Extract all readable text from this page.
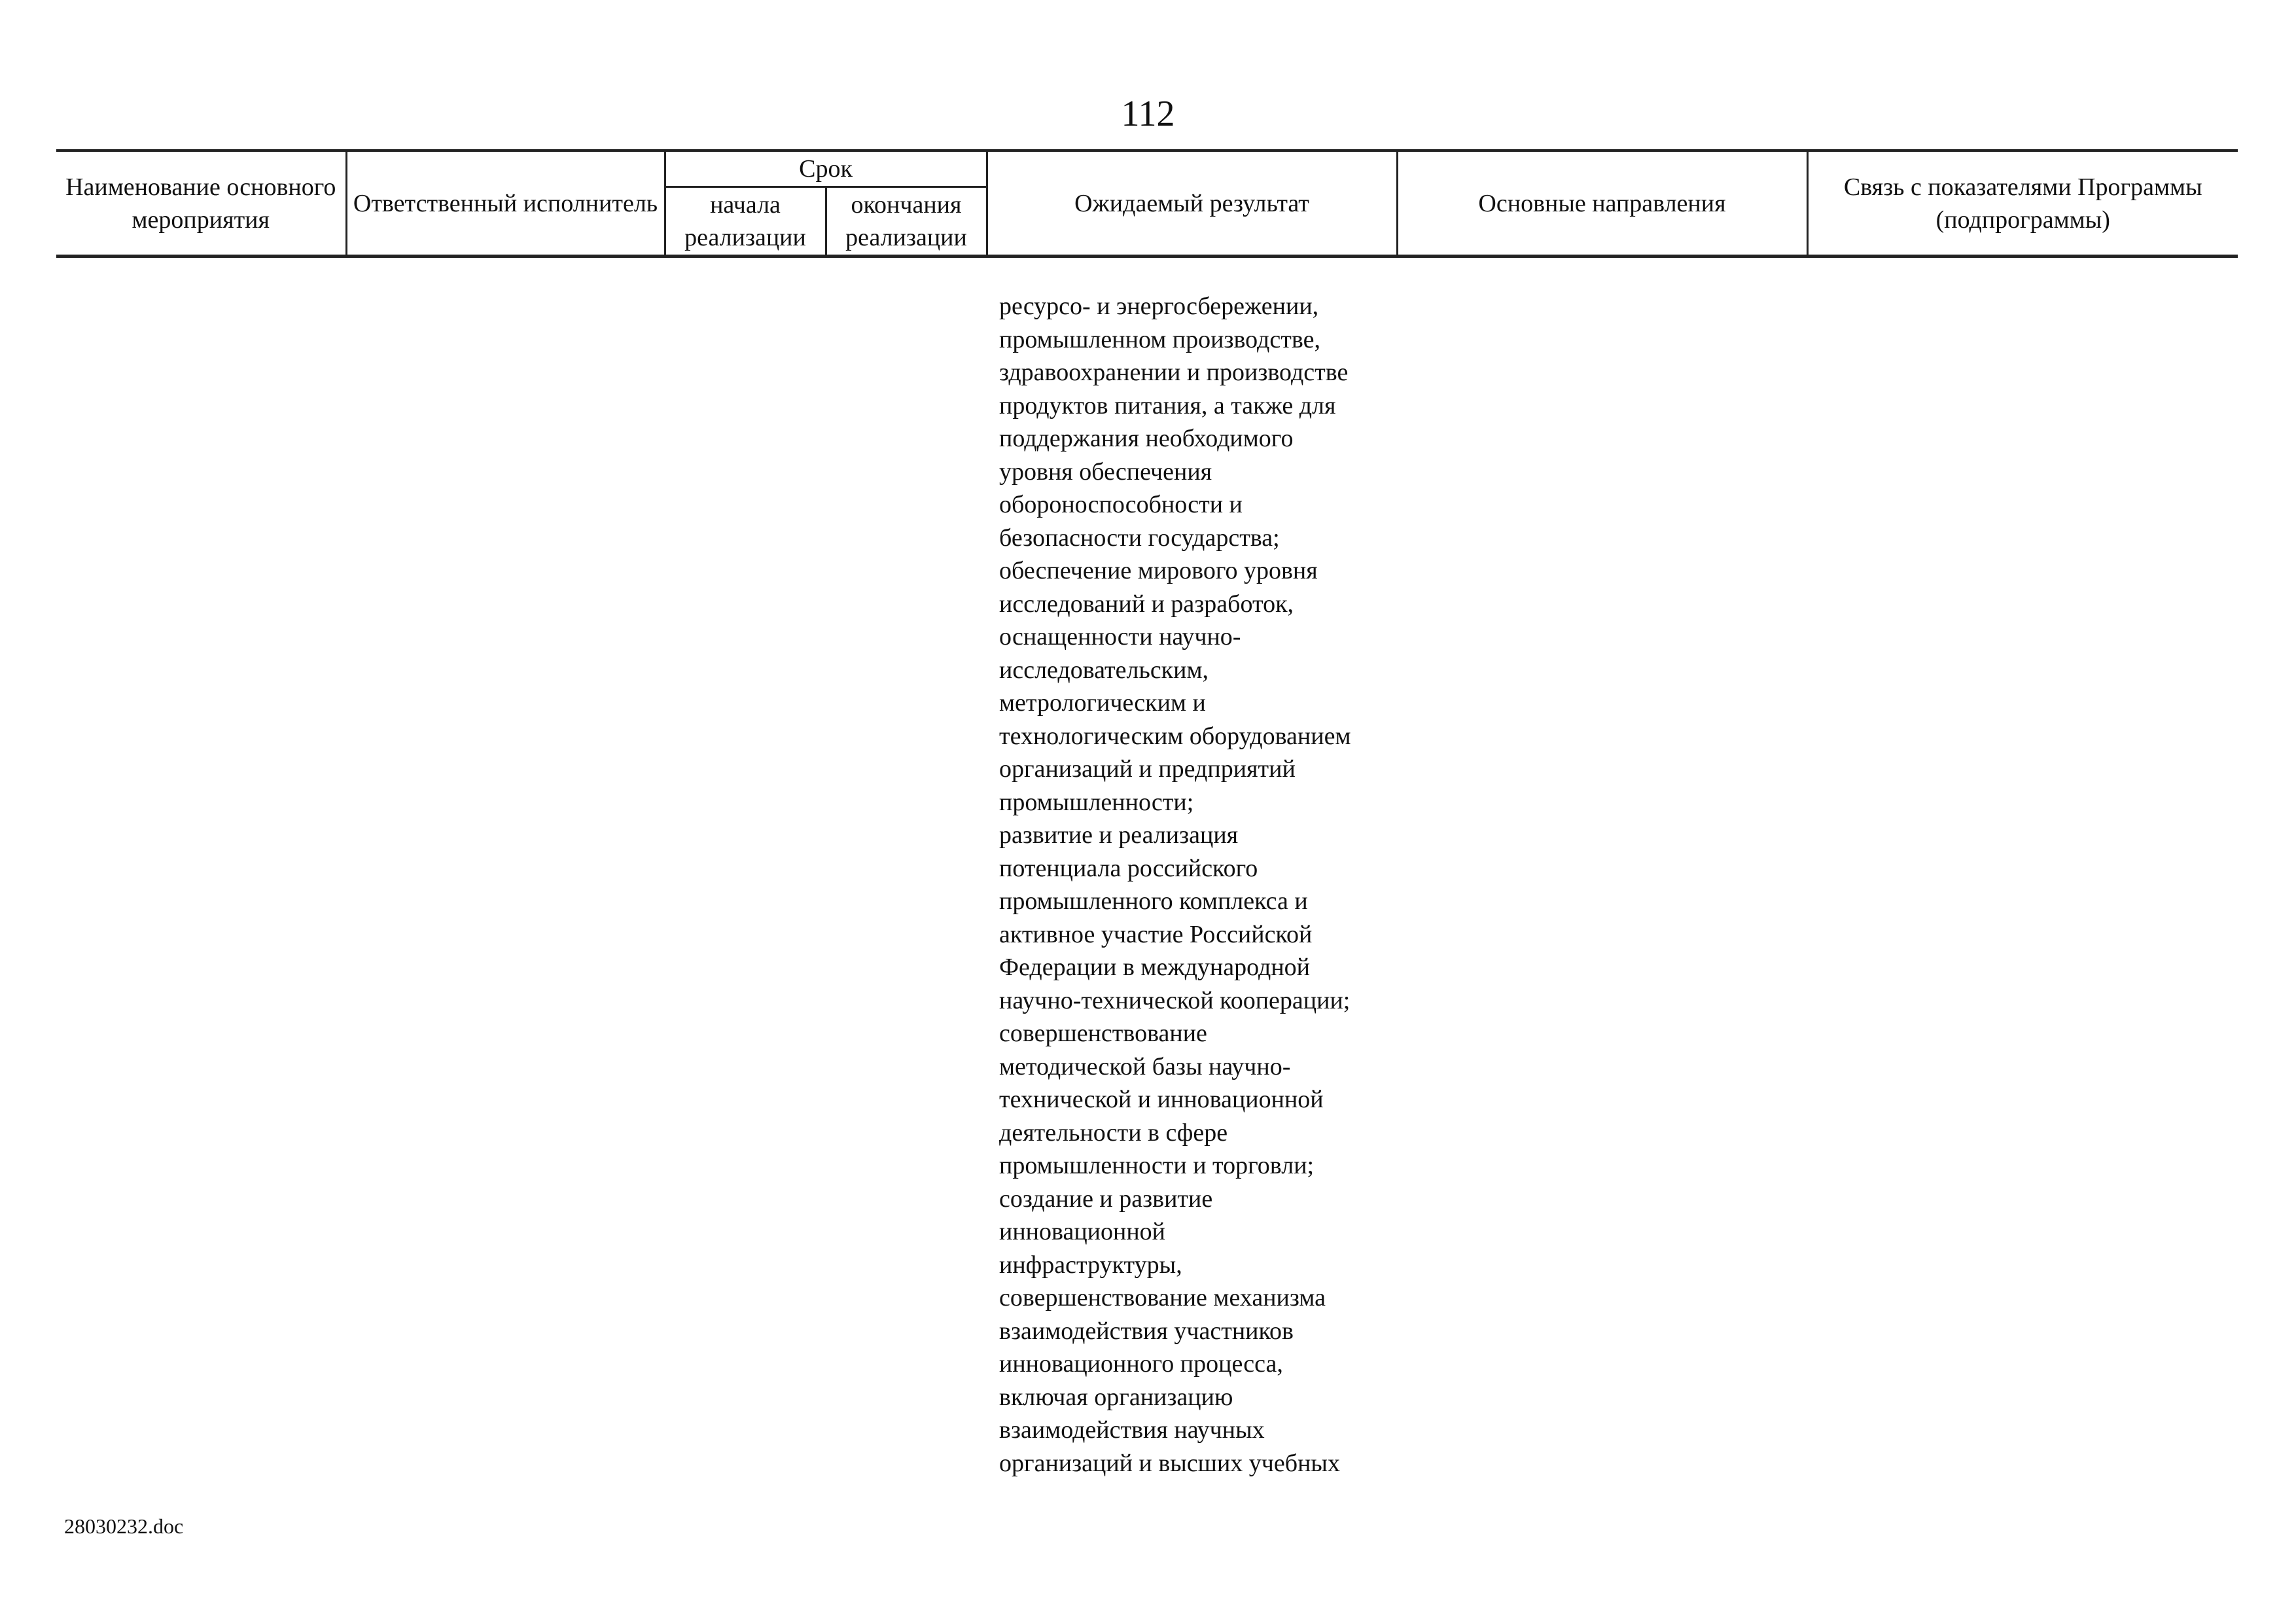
112
Наименование основного мероприятия	Ответственный исполнитель	Срок		Ожидаемый результат	Основные направления	Связь с показателями Программы (подпрограммы)
		начала реализации	окончания реализации			
ресурсо- и энергосбережении,
промышленном производстве,
здравоохранении и производстве
продуктов питания, а также для
поддержания необходимого
уровня обеспечения
обороноспособности и
безопасности государства;
обеспечение мирового уровня
исследований и разработок,
оснащенности научно-
исследовательским,
метрологическим и
технологическим оборудованием
организаций и предприятий
промышленности;
развитие и реализация
потенциала российского
промышленного комплекса и
активное участие Российской
Федерации в международной
научно-технической кооперации;
совершенствование
методической базы научно-
технической и инновационной
деятельности в сфере
промышленности и торговли;
создание и развитие
инновационной
инфраструктуры,
совершенствование механизма
взаимодействия участников
инновационного процесса,
включая организацию
взаимодействия научных
организаций и высших учебных
28030232.doc
